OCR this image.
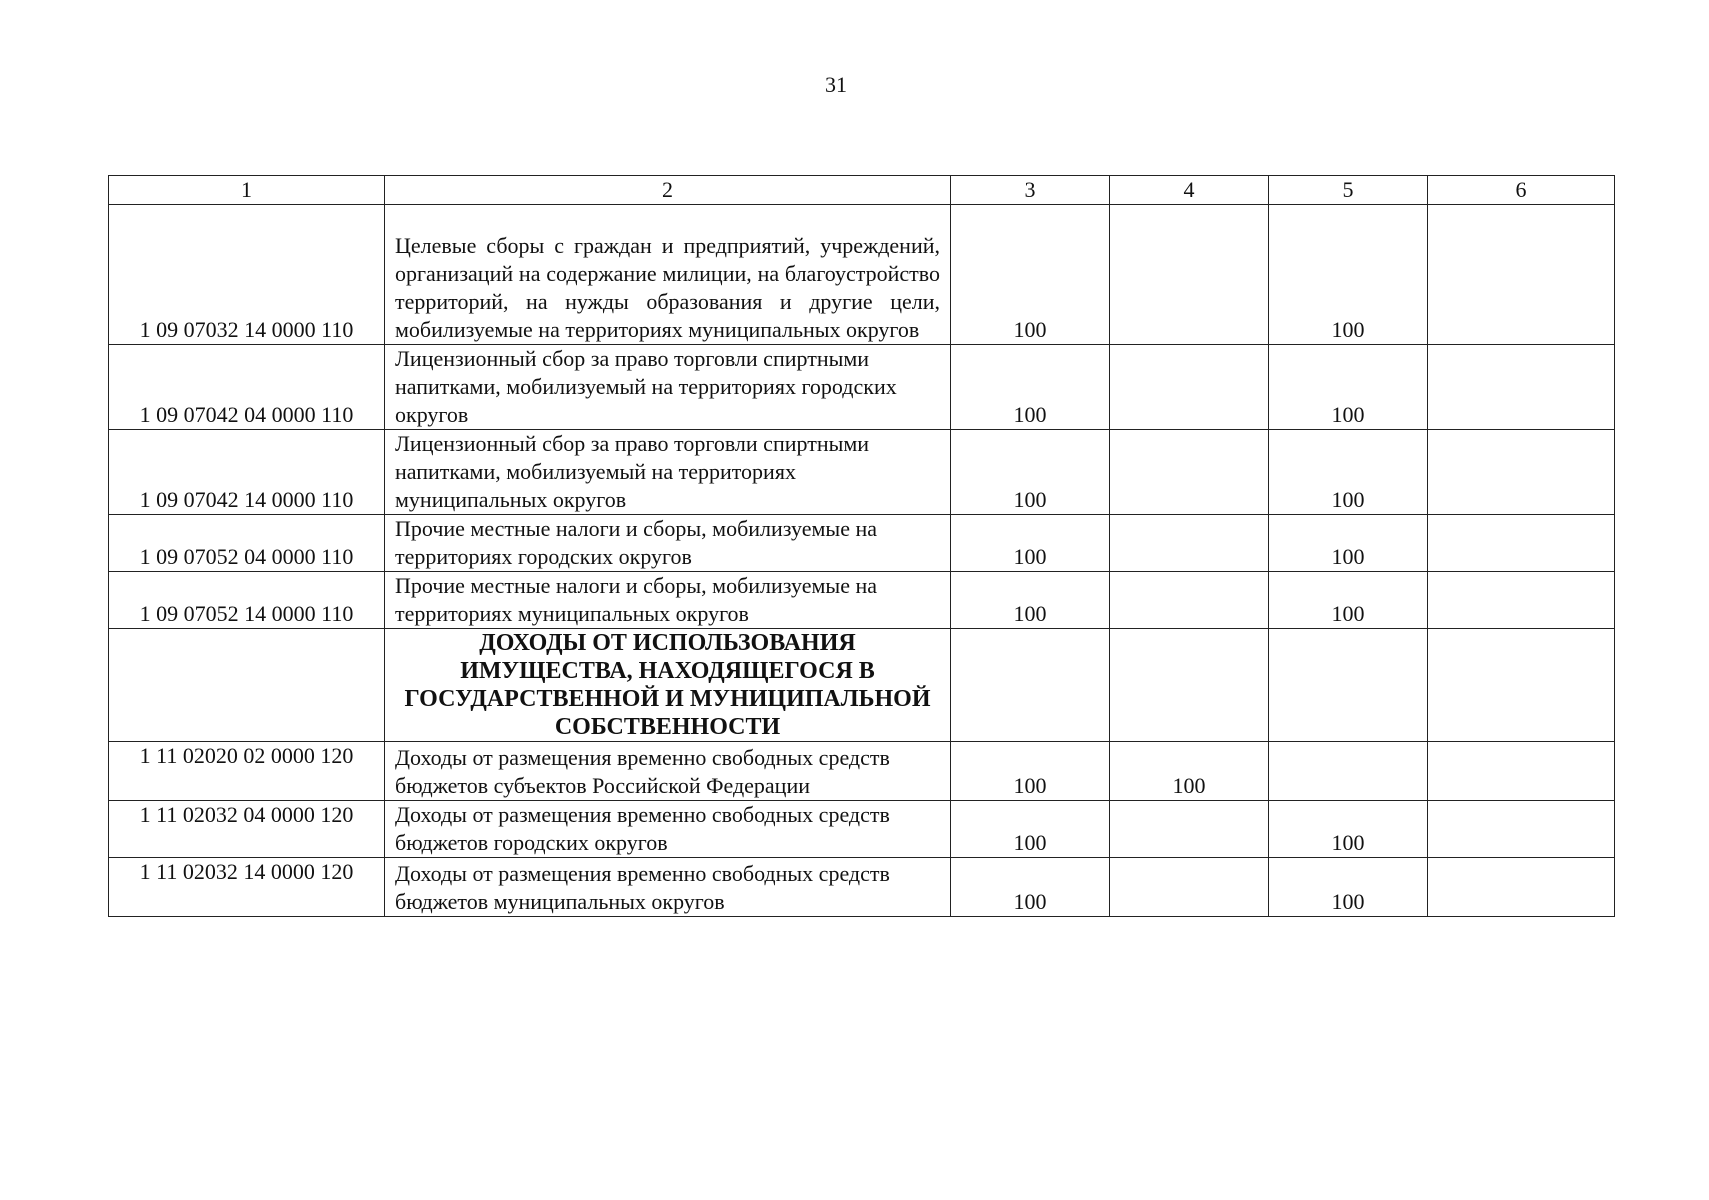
31
1	2	3	4	5	6
1 09 07032 14 0000 110	Целевые сборы с граждан и предприятий, учреждений, организаций на содержание милиции, на благоустройство территорий, на нужды образования и другие цели, мобилизуемые на территориях муниципальных округов	100		100	
1 09 07042 04 0000 110	Лицензионный сбор за право торговли спиртными напитками, мобилизуемый на территориях городских округов	100		100	
1 09 07042 14 0000 110	Лицензионный сбор за право торговли спиртными напитками, мобилизуемый на территориях муниципальных округов	100		100	
1 09 07052 04 0000 110	Прочие местные налоги и сборы, мобилизуемые на территориях городских округов	100		100	
1 09 07052 14 0000 110	Прочие местные налоги и сборы, мобилизуемые на территориях муниципальных округов	100		100	
	ДОХОДЫ ОТ ИСПОЛЬЗОВАНИЯ ИМУЩЕСТВА, НАХОДЯЩЕГОСЯ В ГОСУДАРСТВЕННОЙ И МУНИЦИПАЛЬНОЙ СОБСТВЕННОСТИ				
1 11 02020 02 0000 120	Доходы от размещения временно свободных средств бюджетов субъектов Российской Федерации	100	100		
1 11 02032 04 0000 120	Доходы от размещения временно свободных средств бюджетов городских округов	100		100	
1 11 02032 14 0000 120	Доходы от размещения временно свободных средств бюджетов муниципальных округов	100		100	
